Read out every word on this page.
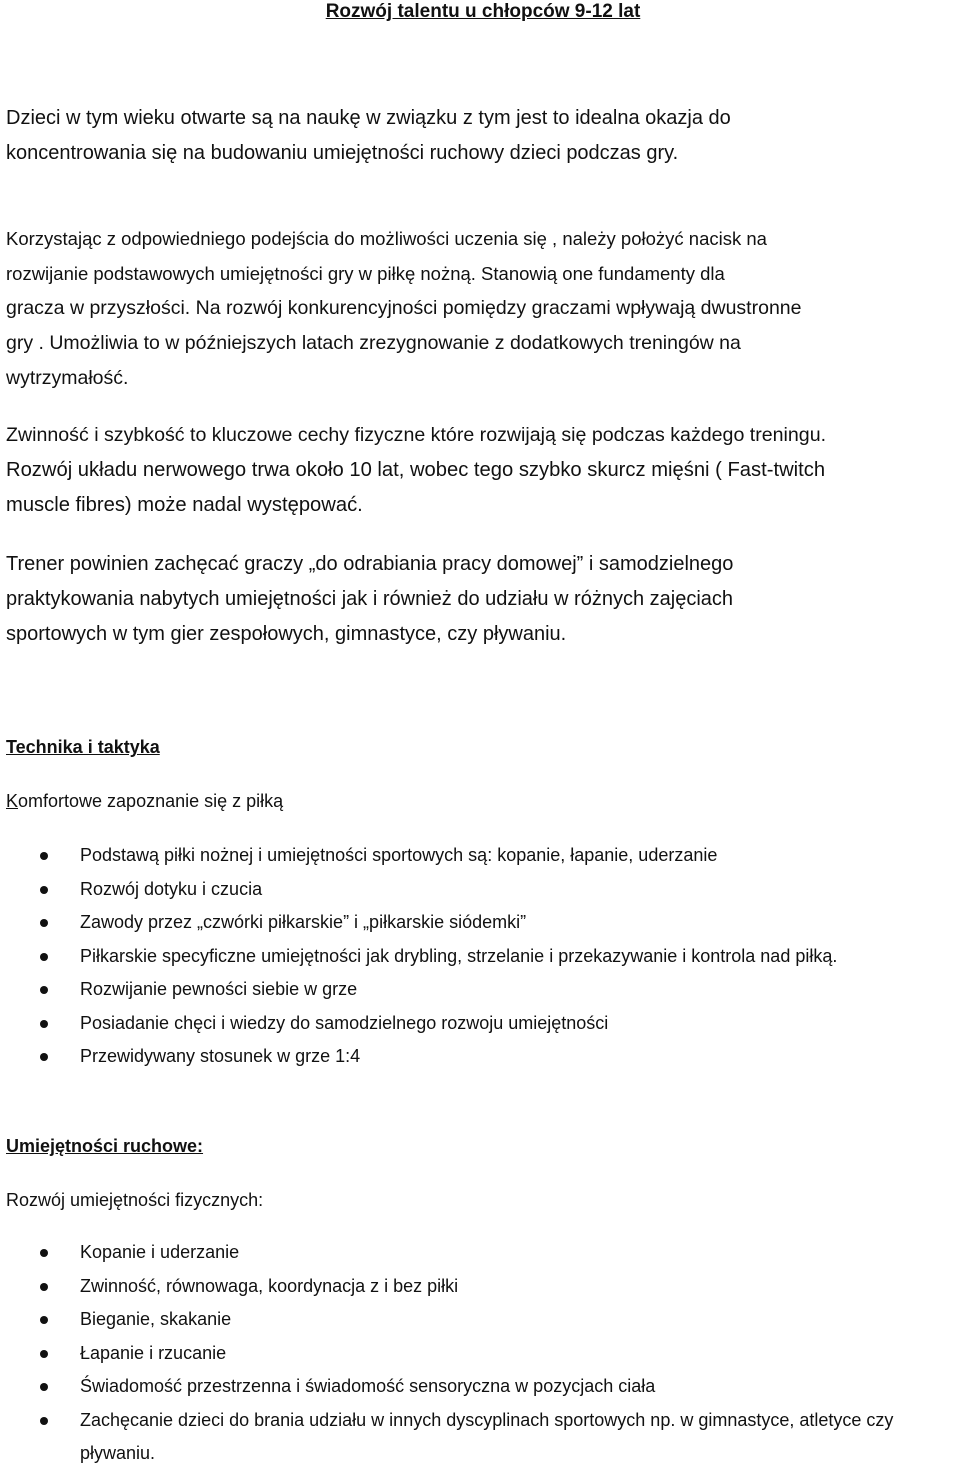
Rozwój talentu u chłopców 9-12 lat
Dzieci w tym wieku otwarte są na naukę w związku z tym jest to idealna okazja do
koncentrowania się na budowaniu umiejętności ruchowy dzieci podczas gry.
Korzystając z odpowiedniego podejścia do możliwości uczenia się , należy położyć nacisk na
rozwijanie podstawowych umiejętności gry w piłkę nożną. Stanowią one fundamenty dla
gracza w przyszłości. Na rozwój konkurencyjności pomiędzy graczami wpływają dwustronne
gry . Umożliwia to w późniejszych latach zrezygnowanie z dodatkowych treningów na
wytrzymałość.
Zwinność i szybkość to kluczowe cechy fizyczne które rozwijają się podczas każdego treningu.
Rozwój układu nerwowego trwa około 10 lat, wobec tego szybko skurcz mięśni ( Fast-twitch
muscle fibres) może nadal występować.
Trener powinien zachęcać graczy „do odrabiania pracy domowej” i samodzielnego
praktykowania nabytych umiejętności jak i również do udziału w różnych zajęciach
sportowych w tym gier zespołowych, gimnastyce, czy pływaniu.
Technika i taktyka
Komfortowe zapoznanie się z piłką
Podstawą piłki nożnej i umiejętności sportowych są: kopanie, łapanie, uderzanie
Rozwój dotyku i czucia
Zawody przez „czwórki piłkarskie” i „piłkarskie siódemki”
Piłkarskie specyficzne umiejętności jak drybling, strzelanie i przekazywanie i kontrola nad piłką.
Rozwijanie pewności siebie w grze
Posiadanie chęci i wiedzy do samodzielnego rozwoju umiejętności
Przewidywany stosunek w grze 1:4
Umiejętności ruchowe:
Rozwój umiejętności fizycznych:
Kopanie i uderzanie
Zwinność, równowaga, koordynacja z i bez piłki
Bieganie, skakanie
Łapanie i rzucanie
Świadomość przestrzenna i świadomość sensoryczna w pozycjach ciała
Zachęcanie dzieci do brania udziału w innych dyscyplinach sportowych np. w gimnastyce, atletyce czy pływaniu.
